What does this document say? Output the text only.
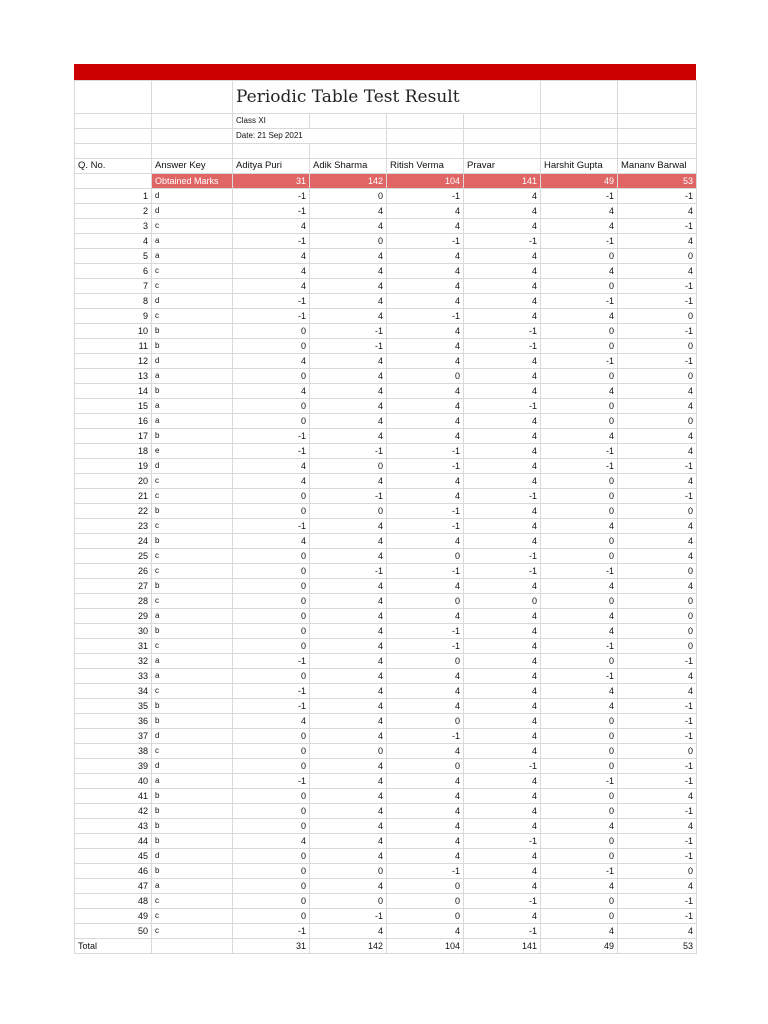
		Periodic Table Test Result					
		Class XI					
		Date: 21 Sep 2021					

Q. No.	Answer Key	Aditya Puri	Adik Sharma	Ritish Verma	Pravar	Harshit Gupta	Mananv Barwal
	Obtained Marks	31	142	104	141	49	53
1	d	-1	0	-1	4	-1	-1
2	d	-1	4	4	4	4	4
3	c	4	4	4	4	4	-1
4	a	-1	0	-1	-1	-1	4
5	a	4	4	4	4	0	0
6	c	4	4	4	4	4	4
7	c	4	4	4	4	0	-1
8	d	-1	4	4	4	-1	-1
9	c	-1	4	-1	4	4	0
10	b	0	-1	4	-1	0	-1
11	b	0	-1	4	-1	0	0
12	d	4	4	4	4	-1	-1
13	a	0	4	0	4	0	0
14	b	4	4	4	4	4	4
15	a	0	4	4	-1	0	4
16	a	0	4	4	4	0	0
17	b	-1	4	4	4	4	4
18	e	-1	-1	-1	4	-1	4
19	d	4	0	-1	4	-1	-1
20	c	4	4	4	4	0	4
21	c	0	-1	4	-1	0	-1
22	b	0	0	-1	4	0	0
23	c	-1	4	-1	4	4	4
24	b	4	4	4	4	0	4
25	c	0	4	0	-1	0	4
26	c	0	-1	-1	-1	-1	0
27	b	0	4	4	4	4	4
28	c	0	4	0	0	0	0
29	a	0	4	4	4	4	0
30	b	0	4	-1	4	4	0
31	c	0	4	-1	4	-1	0
32	a	-1	4	0	4	0	-1
33	a	0	4	4	4	-1	4
34	c	-1	4	4	4	4	4
35	b	-1	4	4	4	4	-1
36	b	4	4	0	4	0	-1
37	d	0	4	-1	4	0	-1
38	c	0	0	4	4	0	0
39	d	0	4	0	-1	0	-1
40	a	-1	4	4	4	-1	-1
41	b	0	4	4	4	0	4
42	b	0	4	4	4	0	-1
43	b	0	4	4	4	4	4
44	b	4	4	4	-1	0	-1
45	d	0	4	4	4	0	-1
46	b	0	0	-1	4	-1	0
47	a	0	4	0	4	4	4
48	c	0	0	0	-1	0	-1
49	c	0	-1	0	4	0	-1
50	c	-1	4	4	-1	4	4
Total		31	142	104	141	49	53
